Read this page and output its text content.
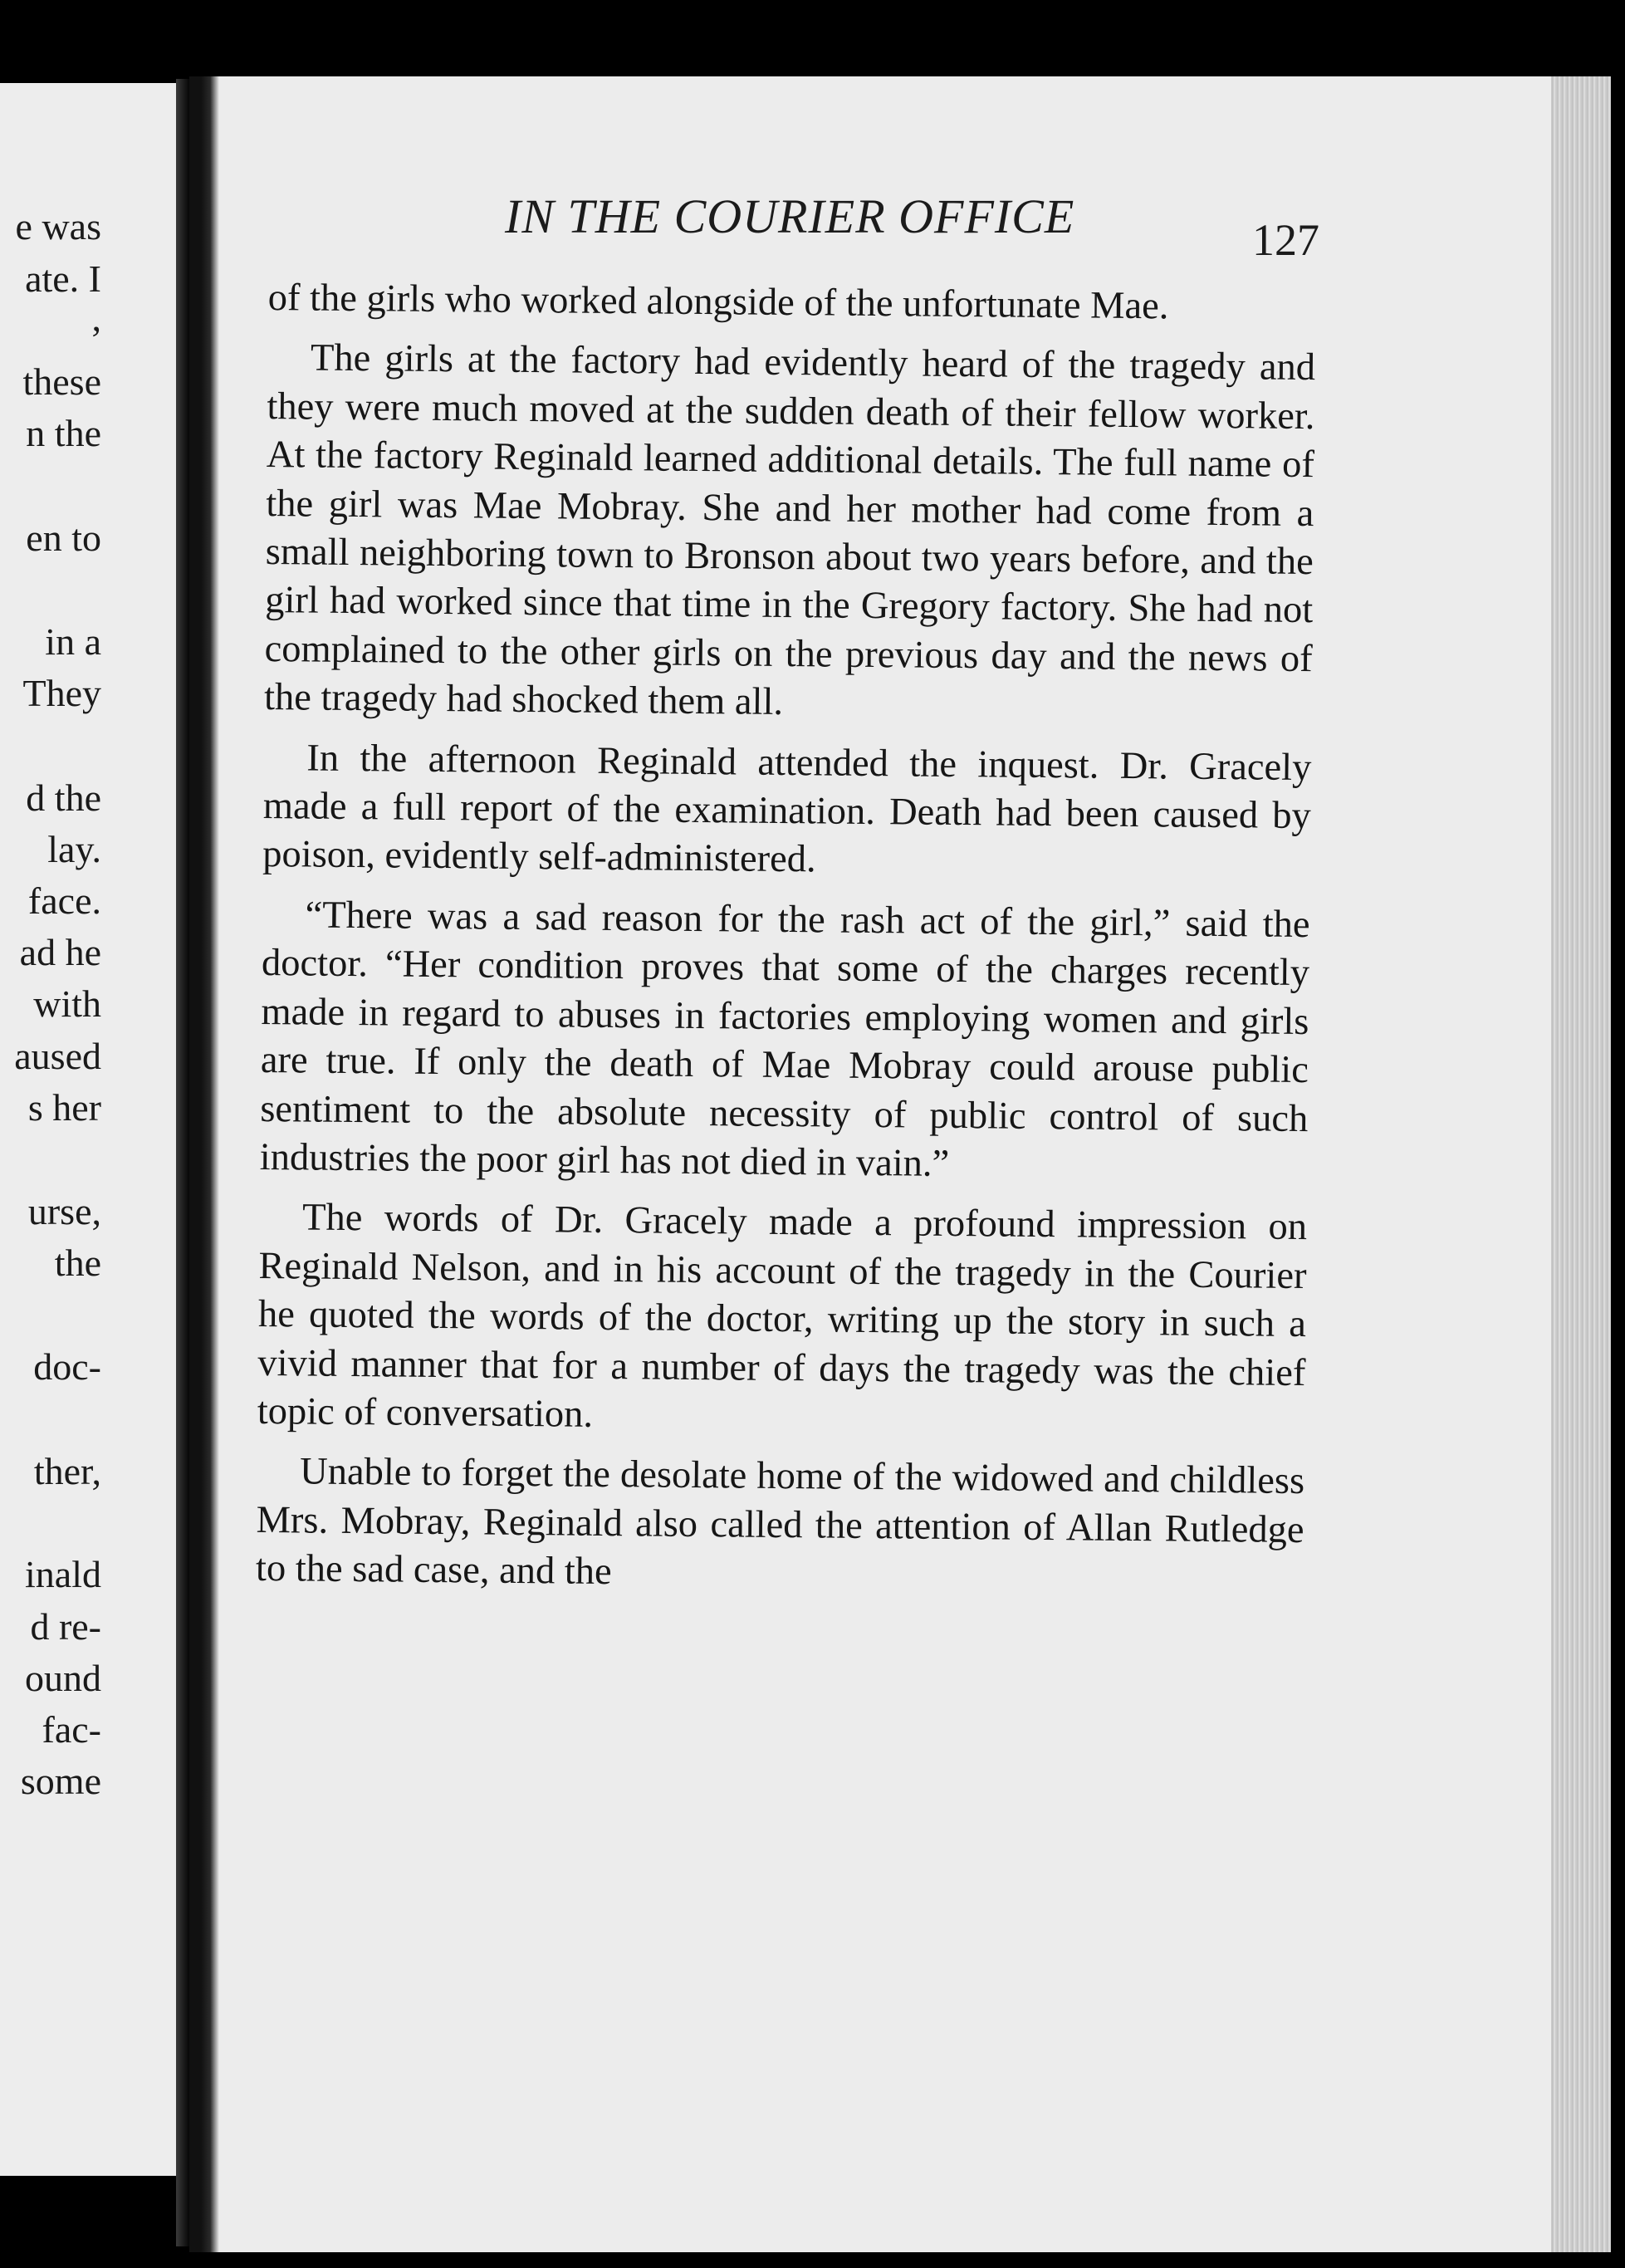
e was
ate. I
,
these
n the
en to
in a
They
d the
lay.
face.
ad he
with
aused
s her
urse,
the
doc-
ther,
inald
d re-
ound
fac-
some
IN THE COURIER OFFICE	127

of the girls who worked alongside of the unfortunate Mae.

The girls at the factory had evidently heard of the tragedy and they were much moved at the sudden death of their fellow worker. At the factory Reginald learned additional details. The full name of the girl was Mae Mobray. She and her mother had come from a small neighboring town to Bronson about two years before, and the girl had worked since that time in the Gregory factory. She had not complained to the other girls on the previous day and the news of the tragedy had shocked them all.

In the afternoon Reginald attended the inquest. Dr. Gracely made a full report of the examination. Death had been caused by poison, evidently self-administered.

“There was a sad reason for the rash act of the girl,” said the doctor. “Her condition proves that some of the charges recently made in regard to abuses in factories employing women and girls are true. If only the death of Mae Mobray could arouse public sentiment to the absolute necessity of public control of such industries the poor girl has not died in vain.”

The words of Dr. Gracely made a profound impression on Reginald Nelson, and in his account of the tragedy in the Courier he quoted the words of the doctor, writing up the story in such a vivid manner that for a number of days the tragedy was the chief topic of conversation.

Unable to forget the desolate home of the widowed and childless Mrs. Mobray, Reginald also called the attention of Allan Rutledge to the sad case, and the
